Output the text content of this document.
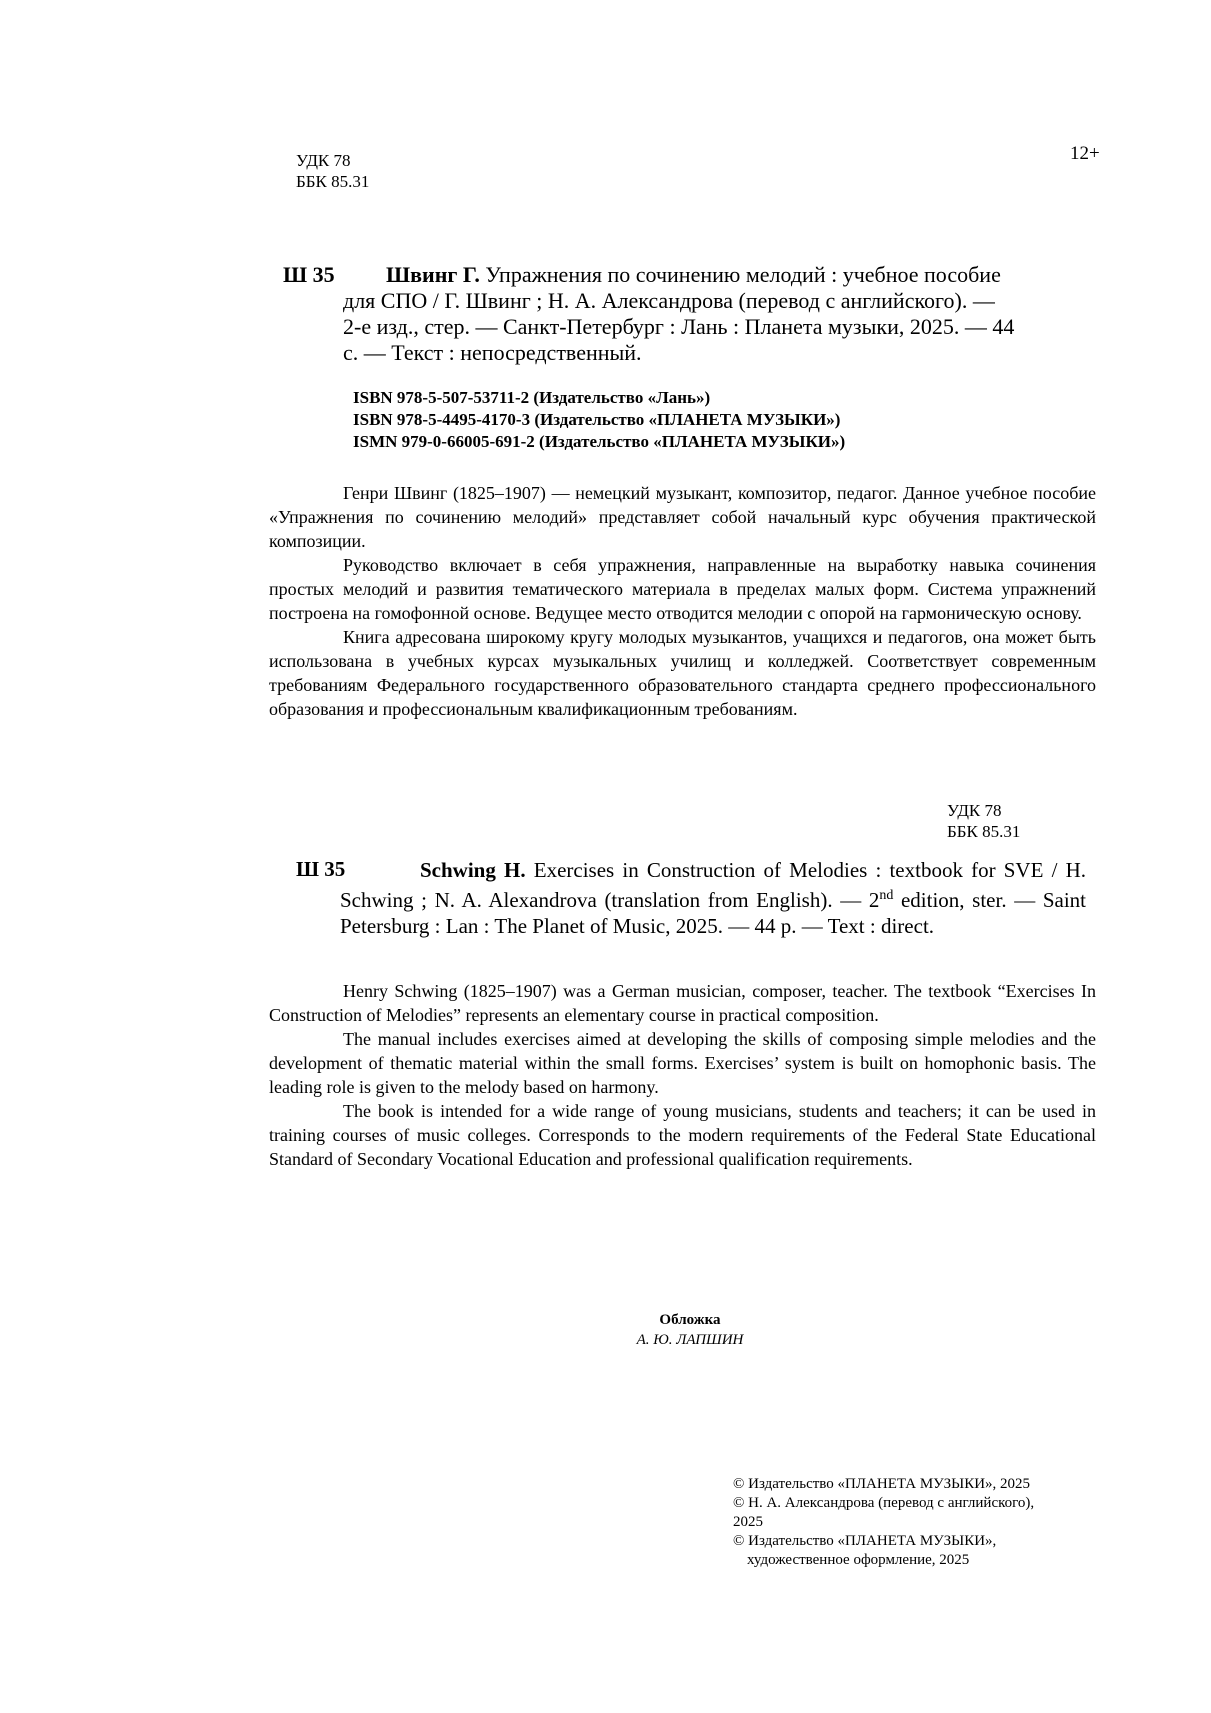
УДК 78
ББК 85.31
12+
Ш 35 Швинг Г. Упражнения по сочинению мелодий : учебное пособие
для СПО / Г. Швинг ; Н. А. Александрова (перевод с английского). —
2-е изд., стер. — Санкт-Петербург : Лань : Планета музыки, 2025. — 44
с. — Текст : непосредственный.
ISBN 978-5-507-53711-2 (Издательство «Лань»)
ISBN 978-5-4495-4170-3 (Издательство «ПЛАНЕТА МУЗЫКИ»)
ISMN 979-0-66005-691-2 (Издательство «ПЛАНЕТА МУЗЫКИ»)

Генри Швинг (1825–1907) — немецкий музыкант, композитор, педагог. Данное учебное пособие «Упражнения по сочинению мелодий» представляет собой начальный курс обучения практической композиции.

Руководство включает в себя упражнения, направленные на выработку навыка сочинения простых мелодий и развития тематического материала в пределах малых форм. Система упражнений построена на гомофонной основе. Ведущее место отводится мелодии с опорой на гармоническую основу.

Книга адресована широкому кругу молодых музыкантов, учащихся и педагогов, она может быть использована в учебных курсах музыкальных училищ и колледжей. Соответствует современным требованиям Федерального государственного образовательного стандарта среднего профессионального образования и профессиональным квалификационным требованиям.

УДК 78
ББК 85.31
Ш 35	Schwing H. Exercises in Construction of Melodies : textbook for SVE / H. Schwing ; N. A. Alexandrova (translation from English). — 2nd edition, ster. — Saint Petersburg : Lan : The Planet of Music, 2025. — 44 p. — Text : direct.

Henry Schwing (1825–1907) was a German musician, composer, teacher. The textbook “Exercises In Construction of Melodies” represents an elementary course in practical composition.

The manual includes exercises aimed at developing the skills of composing simple melodies and the development of thematic material within the small forms. Exercises’ system is built on homophonic basis. The leading role is given to the melody based on harmony.

The book is intended for a wide range of young musicians, students and teachers; it can be used in training courses of music colleges. Corresponds to the modern requirements of the Federal State Educational Standard of Secondary Vocational Education and professional qualification requirements.

Обложка
А. Ю. ЛАПШИН
© Издательство «ПЛАНЕТА МУЗЫКИ», 2025
© Н. А. Александрова (перевод с английского),
2025
© Издательство «ПЛАНЕТА МУЗЫКИ»,
художественное оформление, 2025
